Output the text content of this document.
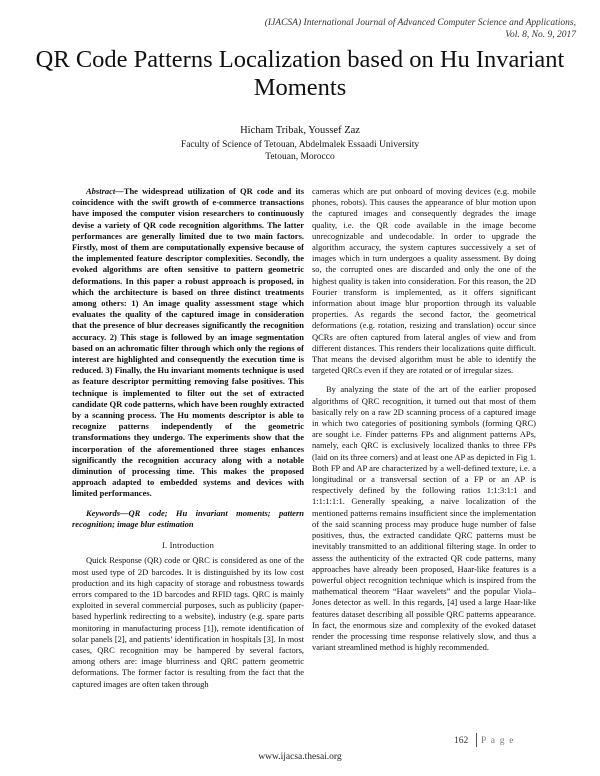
(IJACSA) International Journal of Advanced Computer Science and Applications,
Vol. 8, No. 9, 2017
QR Code Patterns Localization based on Hu Invariant Moments
Hicham Tribak, Youssef Zaz
Faculty of Science of Tetouan, Abdelmalek Essaadi University
Tetouan, Morocco

Abstract—The widespread utilization of QR code and its coincidence with the swift growth of e-commerce transactions have imposed the computer vision researchers to continuously devise a variety of QR code recognition algorithms. The latter performances are generally limited due to two main factors. Firstly, most of them are computationally expensive because of the implemented feature descriptor complexities. Secondly, the evoked algorithms are often sensitive to pattern geometric deformations. In this paper a robust approach is proposed, in which the architecture is based on three distinct treatments among others: 1) An image quality assessment stage which evaluates the quality of the captured image in consideration that the presence of blur decreases significantly the recognition accuracy. 2) This stage is followed by an image segmentation based on an achromatic filter through which only the regions of interest are highlighted and consequently the execution time is reduced. 3) Finally, the Hu invariant moments technique is used as feature descriptor permitting removing false positives. This technique is implemented to filter out the set of extracted candidate QR code patterns, which have been roughly extracted by a scanning process. The Hu moments descriptor is able to recognize patterns independently of the geometric transformations they undergo. The experiments show that the incorporation of the aforementioned three stages enhances significantly the recognition accuracy along with a notable diminution of processing time. This makes the proposed approach adapted to embedded systems and devices with limited performances.

Keywords—QR code; Hu invariant moments; pattern recognition; image blur estimation

I. Introduction

Quick Response (QR) code or QRC is considered as one of the most used type of 2D barcodes. It is distinguished by its low cost production and its high capacity of storage and robustness towards errors compared to the 1D barcodes and RFID tags. QRC is mainly exploited in several commercial purposes, such as publicity (paper-based hyperlink redirecting to a website), industry (e.g. spare parts monitoring in manufacturing process [1]), remote identification of solar panels [2], and patients’ identification in hospitals [3]. In most cases, QRC recognition may be hampered by several factors, among others are: image blurriness and QRC pattern geometric deformations. The former factor is resulting from the fact that the captured images are often taken through

cameras which are put onboard of moving devices (e.g. mobile phones, robots). This causes the appearance of blur motion upon the captured images and consequently degrades the image quality, i.e. the QR code available in the image become unrecognizable and undecodable. In order to upgrade the algorithm accuracy, the system captures successively a set of images which in turn undergoes a quality assessment. By doing so, the corrupted ones are discarded and only the one of the highest quality is taken into consideration. For this reason, the 2D Fourier transform is implemented, as it offers significant information about image blur proportion through its valuable properties. As regards the second factor, the geometrical deformations (e.g. rotation, resizing and translation) occur since QCRs are often captured from lateral angles of view and from different distances. This renders their localizations quite difficult. That means the devised algorithm must be able to identify the targeted QRCs even if they are rotated or of irregular sizes.

By analyzing the state of the art of the earlier proposed algorithms of QRC recognition, it turned out that most of them basically rely on a raw 2D scanning process of a captured image in which two categories of positioning symbols (forming QRC) are sought i.e. Finder patterns FPs and alignment patterns APs, namely, each QRC is exclusively localized thanks to three FPs (laid on its three corners) and at least one AP as depicted in Fig 1. Both FP and AP are characterized by a well-defined texture, i.e. a longitudinal or a transversal section of a FP or an AP is respectively defined by the following ratios 1:1:3:1:1 and 1:1:1:1:1. Generally speaking, a naive localization of the mentioned patterns remains insufficient since the implementation of the said scanning process may produce huge number of false positives, thus, the extracted candidate QRC patterns must be inevitably transmitted to an additional filtering stage. In order to assess the authenticity of the extracted QR code patterns, many approaches have already been proposed, Haar-like features is a powerful object recognition technique which is inspired from the mathematical theorem “Haar wavelets” and the popular Viola–Jones detector as well. In this regards, [4] used a large Haar-like features dataset describing all possible QRC patterns appearance. In fact, the enormous size and complexity of the evoked dataset render the processing time response relatively slow, and thus a variant streamlined method is highly recommended.

162 P a g e
www.ijacsa.thesai.org
